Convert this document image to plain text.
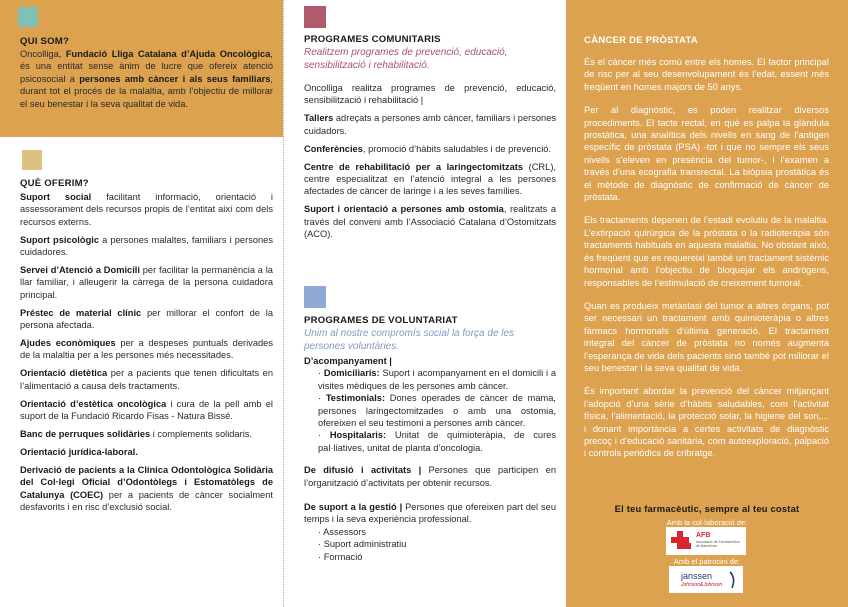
QUI SOM?
Oncolliga, Fundació Lliga Catalana d’Ajuda Oncològica, és una entitat sense ànim de lucre que ofereix atenció psicosocial a persones amb càncer i als seus familiars, durant tot el procés de la malaltia, amb l’objectiu de millorar el seu benestar i la seva qualitat de vida.
QUÈ OFERIM?

Suport social facilitant informació, orientació i assessorament dels recursos propis de l’entitat així com dels recursos externs.

Suport psicològic a persones malaltes, familiars i persones cuidadores.

Servei d’Atenció a Domicili per facilitar la permanència a la llar familiar, i alleugerir la càrrega de la persona cuidadora principal.

Préstec de material clínic per millorar el confort de la persona afectada.

Ajudes econòmiques per a despeses puntuals derivades de la malaltia per a les persones més necessitades.

Orientació dietètica per a pacients que tenen dificultats en l’alimentació a causa dels tractaments.

Orientació d’estètica oncològica i cura de la pell amb el suport de la Fundació Ricardo Fisas - Natura Bissé.

Banc de perruques solidàries i complements solidaris.

Orientació jurídica-laboral.

Derivació de pacients a la Clínica Odontològica Solidària del Col·legi Oficial d’Odontòlegs i Estomatòlegs de Catalunya (COEC) per a pacients de càncer socialment desfavorits i en risc d’exclusió social.

PROGRAMES COMUNITARIS
Realitzem programes de prevenció, educació, sensibilització i rehabilitació.

Oncolliga realitza programes de prevenció, educació, sensibilització i rehabilitació |

Tallers adreçats a persones amb càncer, familiars i persones cuidadors.

Conferències, promoció d’hàbits saludables i de prevenció.

Centre de rehabilitació per a laringectomitzats (CRL), centre especialitzat en l’atenció integral a les persones afectades de càncer de laringe i a les seves famílies.

Suport i orientació a persones amb ostomia, realitzats a través del conveni amb l’Associació Catalana d’Ostomitzats (ACO).

PROGRAMES DE VOLUNTARIAT
Unim al nostre compromís social la força de les persones voluntàries.

D’acompanyament |

· Domiciliaris: Suport i acompanyament en el domicili i a visites mèdiques de les persones amb càncer.
· Testimonials: Dones operades de càncer de mama, persones laringectomitzades o amb una ostomia, ofereixen el seu testimoni a persones amb càncer.
· Hospitalaris: Unitat de quimioteràpia, de cures pal·liatives, unitat de planta d’oncologia.

De difusió i activitats | Persones que participen en l’organització d’activitats per obtenir recursos.

De suport a la gestió | Persones que ofereixen part del seu temps i la seva experiència professional.

· Assessors
· Suport administratiu
· Formació
CÀNCER DE PRÒSTATA

És el càncer més comú entre els homes. El factor principal de risc per al seu desenvolupament és l’edat, essent més freqüent en homes majors de 50 anys.

Per al diagnòstic, es poden realitzar diversos procediments. El tacte rectal, en què es palpa la glàndula prostàtica, una analítica dels nivells en sang de l’antigen específic de pròstata (PSA) -tot i que no sempre els seus nivells s’eleven en presència del tumor-, i l’examen a través d’una ecografia transrectal. La biòpsia prostàtica és el mètode de diagnòstic de confirmació de càncer de pròstata.

Els tractaments depenen de l’estadi evolutiu de la malaltia. L’extirpació quirúrgica de la pròstata o la radioteràpia són tractaments habituals en aquesta malaltia. No obstant això, és freqüent que es requereixi també un tractament sistèmic hormonal amb l’objectiu de bloquejar els andrògens, responsables de l’estimulació de creixement tumoral.

Quan es produeix metàstasi del tumor a altres òrgans, pot ser necessari un tractament amb quimioteràpia o altres fàrmacs hormonals d’última generació. El tractament integral del càncer de pròstata no només augmenta l’esperança de vida dels pacients sinó també pot millorar el seu benestar i la seva qualitat de vida.

És important abordar la prevenció del càncer mitjançant l’adopció d’una sèrie d’hàbits saludables, com l’activitat física, l’alimentació, la protecció solar, la higiene del son,... i donant importància a certes activitats de diagnòstic precoç i d’educació sanitària, com autoexploració, palpació i controls periòdics de cribratge.

El teu farmacèutic, sempre al teu costat
Amb la col·laboració de:
AFB
Associació de Farmacèutics de Barcelona
Amb el patrocini de:
janssen
Johnson&Johnson
